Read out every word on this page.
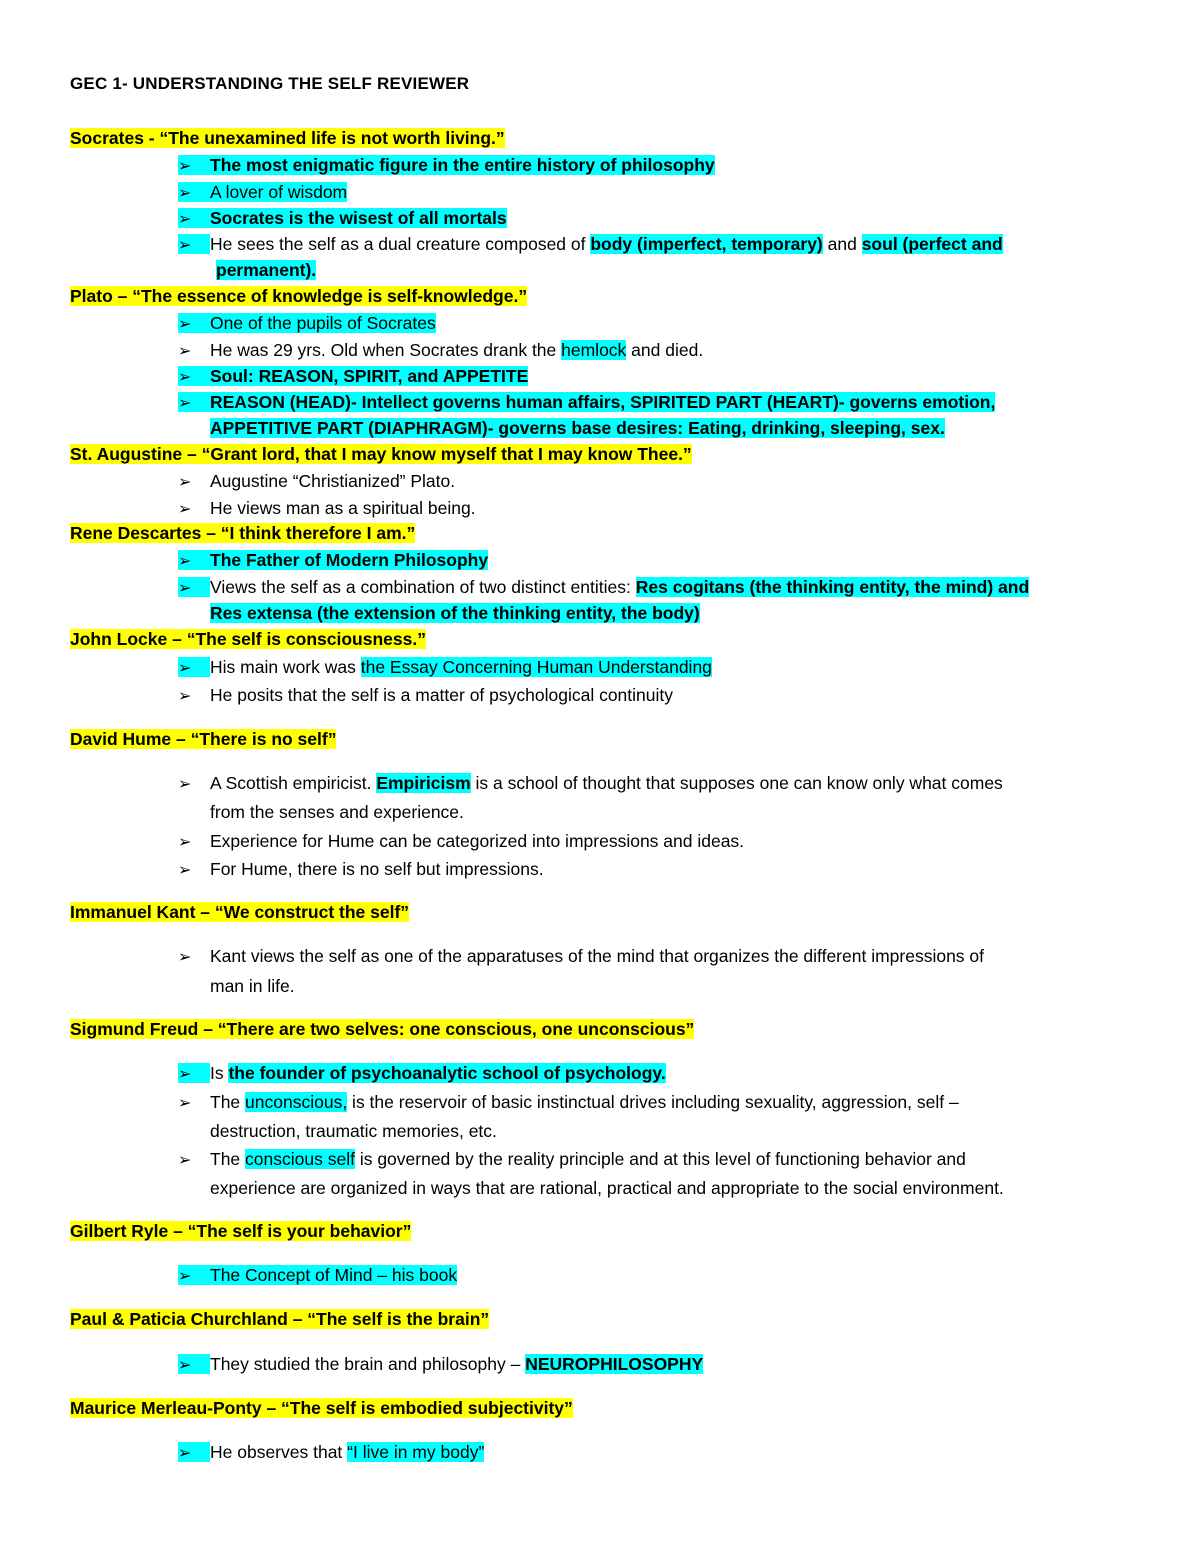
GEC 1- UNDERSTANDING THE SELF REVIEWER
Socrates - “The unexamined life is not worth living.”
➢ The most enigmatic figure in the entire history of philosophy
➢ A lover of wisdom
➢ Socrates is the wisest of all mortals
➢ He sees the self as a dual creature composed of body (imperfect, temporary) and soul (perfect and
permanent).
Plato – “The essence of knowledge is self-knowledge.”
➢ One of the pupils of Socrates
➢ He was 29 yrs. Old when Socrates drank the hemlock and died.
➢ Soul: REASON, SPIRIT, and APPETITE
➢ REASON (HEAD)- Intellect governs human affairs, SPIRITED PART (HEART)- governs emotion,
APPETITIVE PART (DIAPHRAGM)- governs base desires: Eating, drinking, sleeping, sex.
St. Augustine – “Grant lord, that I may know myself that I may know Thee.”
➢ Augustine “Christianized” Plato.
➢ He views man as a spiritual being.
Rene Descartes – “I think therefore I am.”
➢ The Father of Modern Philosophy
➢ Views the self as a combination of two distinct entities: Res cogitans (the thinking entity, the mind) and
Res extensa (the extension of the thinking entity, the body)
John Locke – “The self is consciousness.”
➢ His main work was the Essay Concerning Human Understanding
➢ He posits that the self is a matter of psychological continuity
David Hume – “There is no self”
➢ A Scottish empiricist. Empiricism is a school of thought that supposes one can know only what comes
from the senses and experience.
➢ Experience for Hume can be categorized into impressions and ideas.
➢ For Hume, there is no self but impressions.
Immanuel Kant – “We construct the self”
➢ Kant views the self as one of the apparatuses of the mind that organizes the different impressions of
man in life.
Sigmund Freud – “There are two selves: one conscious, one unconscious”
➢ Is the founder of psychoanalytic school of psychology.
➢ The unconscious, is the reservoir of basic instinctual drives including sexuality, aggression, self –
destruction, traumatic memories, etc.
➢ The conscious self is governed by the reality principle and at this level of functioning behavior and
experience are organized in ways that are rational, practical and appropriate to the social environment.
Gilbert Ryle – “The self is your behavior”
➢ The Concept of Mind – his book
Paul & Paticia Churchland – “The self is the brain”
➢ They studied the brain and philosophy – NEUROPHILOSOPHY
Maurice Merleau-Ponty – “The self is embodied subjectivity”
➢ He observes that “I live in my body”
